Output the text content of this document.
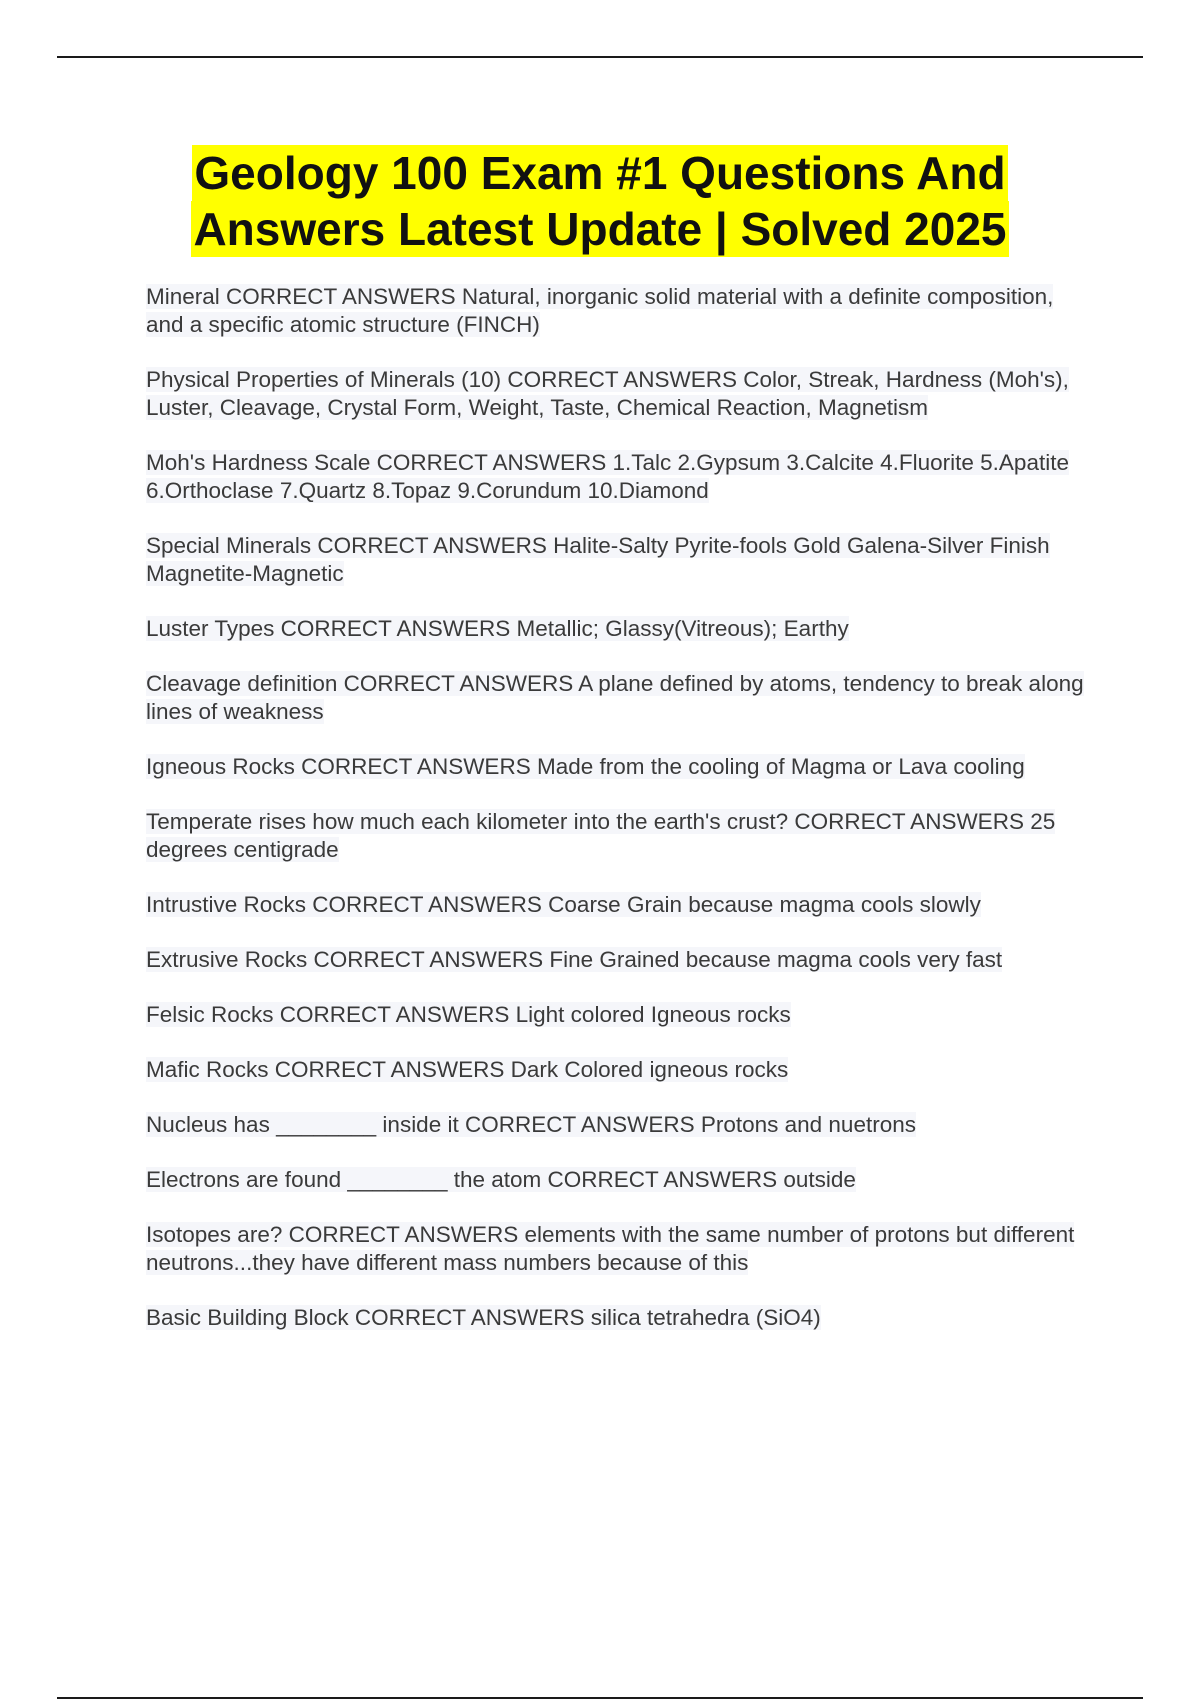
Geology 100 Exam #1 Questions And
Answers Latest Update | Solved 2025
Mineral CORRECT ANSWERS Natural, inorganic solid material with a definite composition, and a specific atomic structure (FINCH)
Physical Properties of Minerals (10) CORRECT ANSWERS Color, Streak, Hardness (Moh's), Luster, Cleavage, Crystal Form, Weight, Taste, Chemical Reaction, Magnetism
Moh's Hardness Scale CORRECT ANSWERS 1.Talc 2.Gypsum 3.Calcite 4.Fluorite 5.Apatite 6.Orthoclase 7.Quartz 8.Topaz 9.Corundum 10.Diamond
Special Minerals CORRECT ANSWERS Halite-Salty Pyrite-fools Gold Galena-Silver Finish Magnetite-Magnetic
Luster Types CORRECT ANSWERS Metallic; Glassy(Vitreous); Earthy
Cleavage definition CORRECT ANSWERS A plane defined by atoms, tendency to break along lines of weakness
Igneous Rocks CORRECT ANSWERS Made from the cooling of Magma or Lava cooling
Temperate rises how much each kilometer into the earth's crust? CORRECT ANSWERS 25 degrees centigrade
Intrustive Rocks CORRECT ANSWERS Coarse Grain because magma cools slowly
Extrusive Rocks CORRECT ANSWERS Fine Grained because magma cools very fast
Felsic Rocks CORRECT ANSWERS Light colored Igneous rocks
Mafic Rocks CORRECT ANSWERS Dark Colored igneous rocks
Nucleus has ________ inside it CORRECT ANSWERS Protons and nuetrons
Electrons are found ________ the atom CORRECT ANSWERS outside
Isotopes are? CORRECT ANSWERS elements with the same number of protons but different neutrons...they have different mass numbers because of this
Basic Building Block CORRECT ANSWERS silica tetrahedra (SiO4)
